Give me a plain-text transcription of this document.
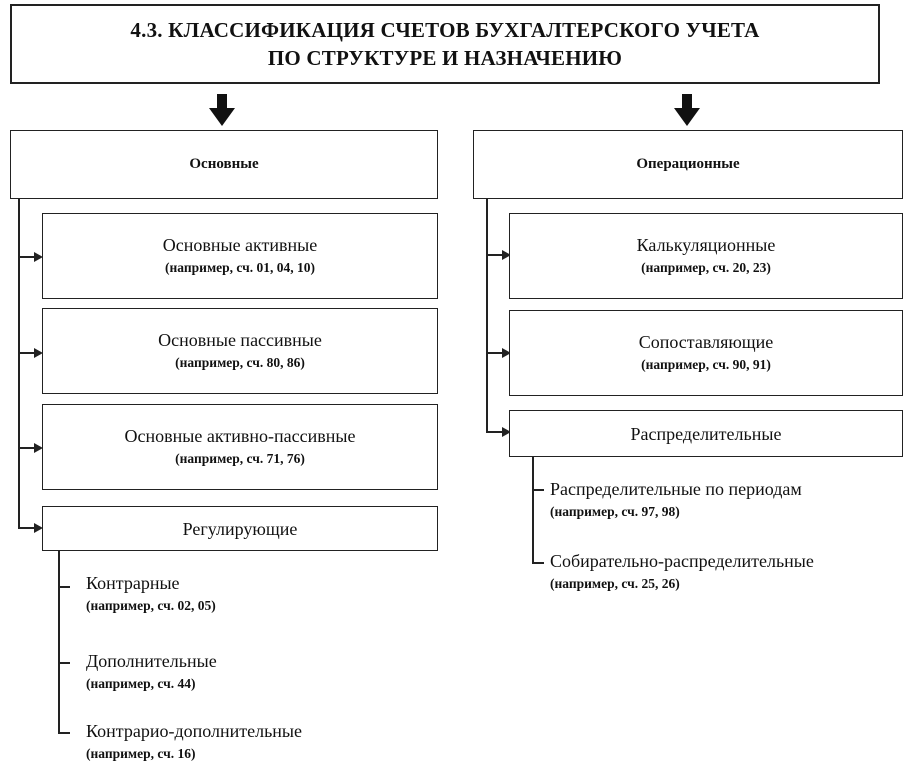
4.3. КЛАССИФИКАЦИЯ СЧЕТОВ БУХГАЛТЕРСКОГО УЧЕТА
ПО СТРУКТУРЕ И НАЗНАЧЕНИЮ
Основные
Основные активные
(например, сч. 01, 04, 10)
Основные пассивные
(например, сч. 80, 86)
Основные активно-пассивные
(например, сч. 71, 76)
Регулирующие
Контрарные
(например, сч. 02, 05)
Дополнительные
(например, сч. 44)
Контрарио-дополнительные
(например, сч. 16)
Операционные
Калькуляционные
(например, сч. 20, 23)
Сопоставляющие
(например, сч. 90, 91)
Распределительные
Распределительные по периодам
(например, сч. 97, 98)
Собирательно-распределительные
(например, сч. 25, 26)
